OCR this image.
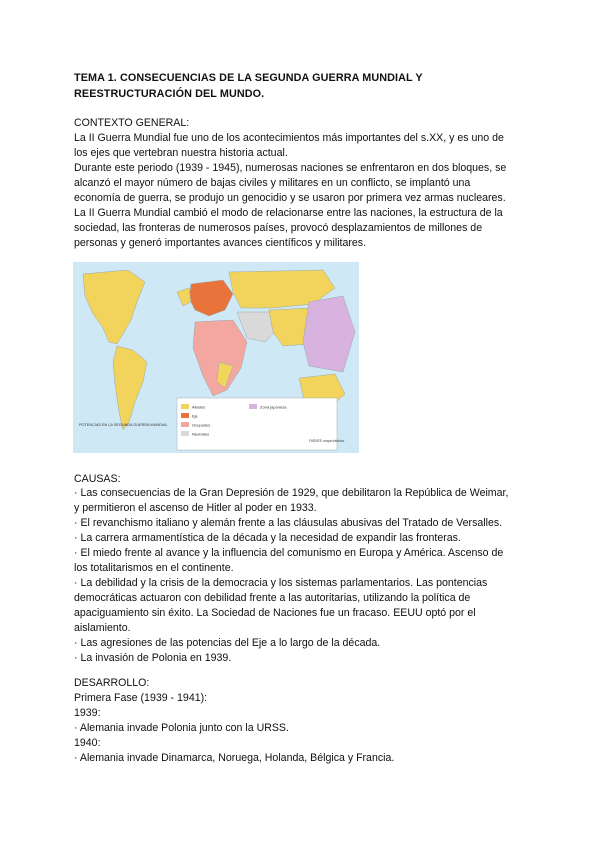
TEMA 1. CONSECUENCIAS DE LA SEGUNDA GUERRA MUNDIAL Y
REESTRUCTURACIÓN DEL MUNDO.
CONTEXTO GENERAL:
La II Guerra Mundial fue uno de los acontecimientos más importantes del s.XX, y es uno de
los ejes que vertebran nuestra historia actual.
Durante este periodo (1939 - 1945), numerosas naciones se enfrentaron en dos bloques, se
alcanzó el mayor número de bajas civiles y militares en un conflicto, se implantó una
economía de guerra, se produjo un genocidio y se usaron por primera vez armas nucleares.
La II Guerra Mundial cambió el modo de relacionarse entre las naciones, la estructura de la
sociedad, las fronteras de numerosos países, provocó desplazamientos de millones de
personas y generó importantes avances científicos y militares.
POTENCIAS EN LA SEGUNDA GUERRA MUNDIAL
Aliados
Eje
Ocupados
Neutrales
Zona japonesa
FUENTE: mapa histórico
CAUSAS:
· Las consecuencias de la Gran Depresión de 1929, que debilitaron la República de Weimar,
y permitieron el ascenso de Hitler al poder en 1933.
· El revanchismo italiano y alemán frente a las cláusulas abusivas del Tratado de Versalles.
· La carrera armamentística de la década y la necesidad de expandir las fronteras.
· El miedo frente al avance y la influencia del comunismo en Europa y América. Ascenso de
los totalitarismos en el continente.
· La debilidad y la crisis de la democracia y los sistemas parlamentarios. Las pontencias
democráticas actuaron con debilidad frente a las autoritarias, utilizando la política de
apaciguamiento sin éxito. La Sociedad de Naciones fue un fracaso. EEUU optó por el
aislamiento.
· Las agresiones de las potencias del Eje a lo largo de la década.
· La invasión de Polonia en 1939.
DESARROLLO:
Primera Fase (1939 - 1941):
1939:
· Alemania invade Polonia junto con la URSS.
1940:
· Alemania invade Dinamarca, Noruega, Holanda, Bélgica y Francia.
